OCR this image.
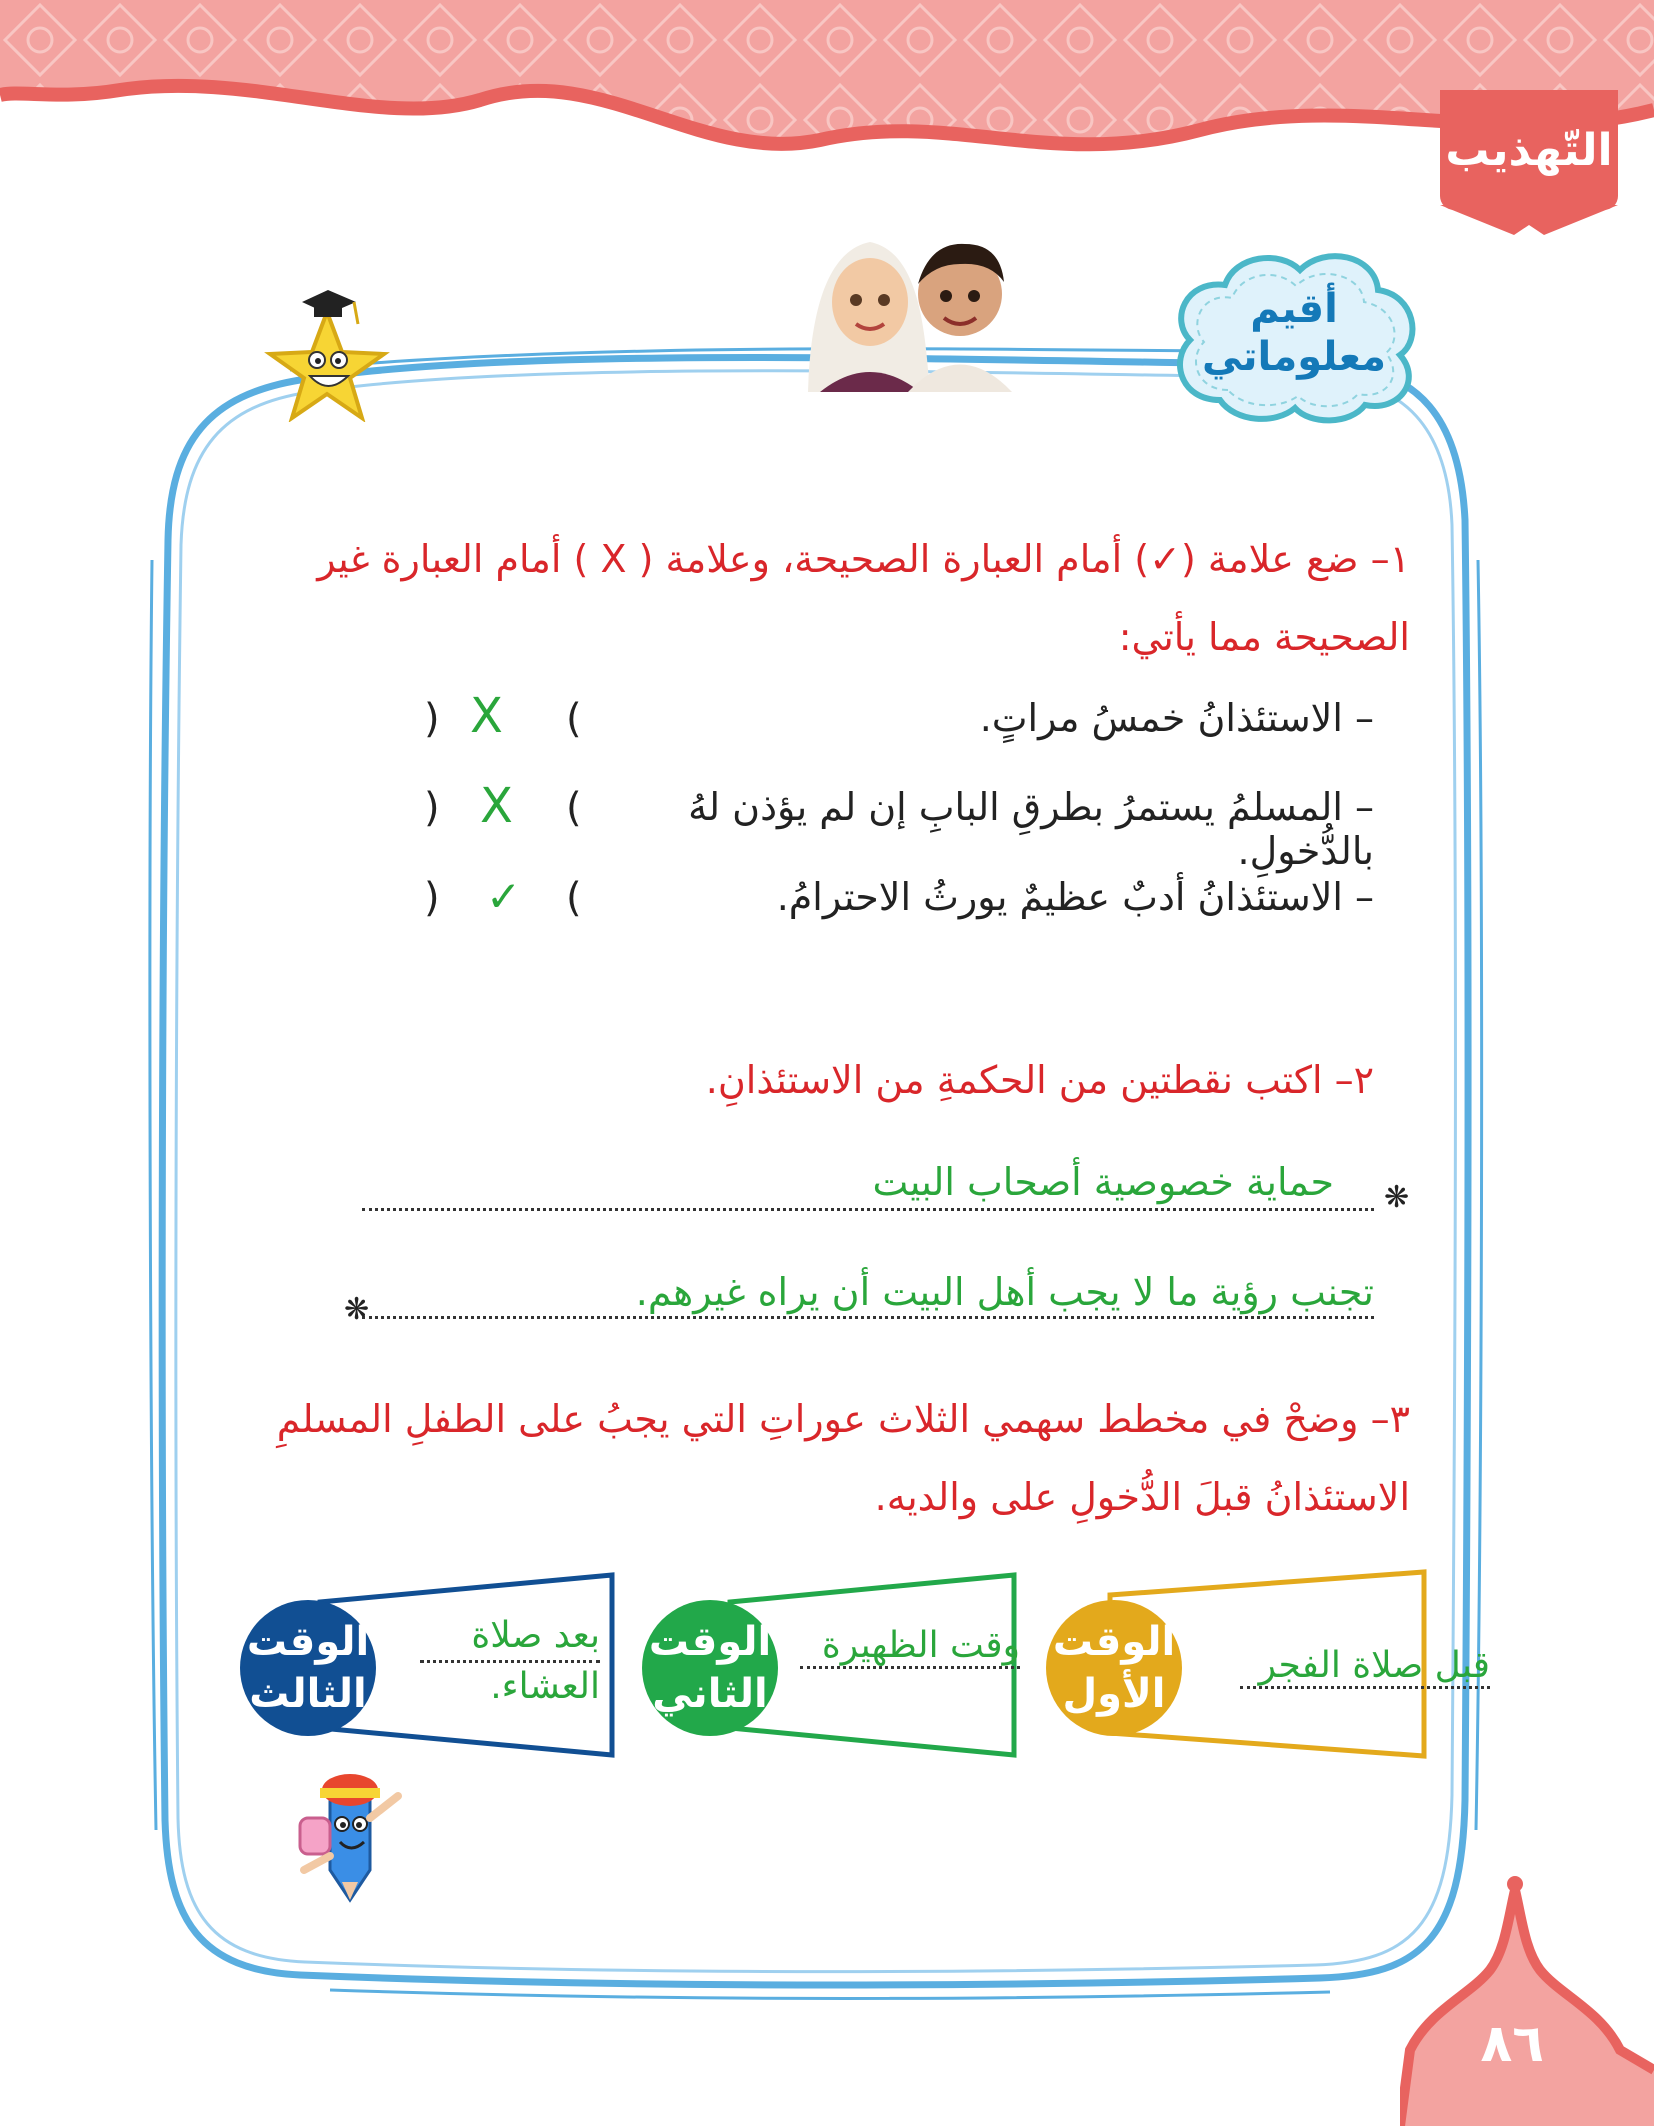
التّهذيب
أقيم
معلوماتي
١– ضع علامة (✓) أمام العبارة الصحيحة، وعلامة ( X ) أمام العبارة غير
الصحيحة مما يأتي:
– الاستئذانُ خمسُ مراتٍ.
(
X
)
– المسلمُ يستمرُ بطرقِ البابِ إن لم يؤذن لهُ بالدُّخولِ.
(
X
)
– الاستئذانُ أدبٌ عظيمٌ يورثُ الاحترامُ.
(
✓
)
٢– اكتب نقطتين من الحكمةِ من الاستئذانِ.
حماية خصوصية أصحاب البيت ❋
تجنب رؤية ما لا يجب أهل البيت أن يراه غيرهم.
❋
٣– وضحْ في مخطط سهمي الثلاث عوراتِ التي يجبُ على الطفلِ المسلمِ
الاستئذانُ قبلَ الدُّخولِ على والديه.
الوقت
الأول
قبل صلاة الفجر
الوقت
الثاني
وقت الظهيرة
الوقت
الثالث
بعد صلاة
العشاء.
٨٦
